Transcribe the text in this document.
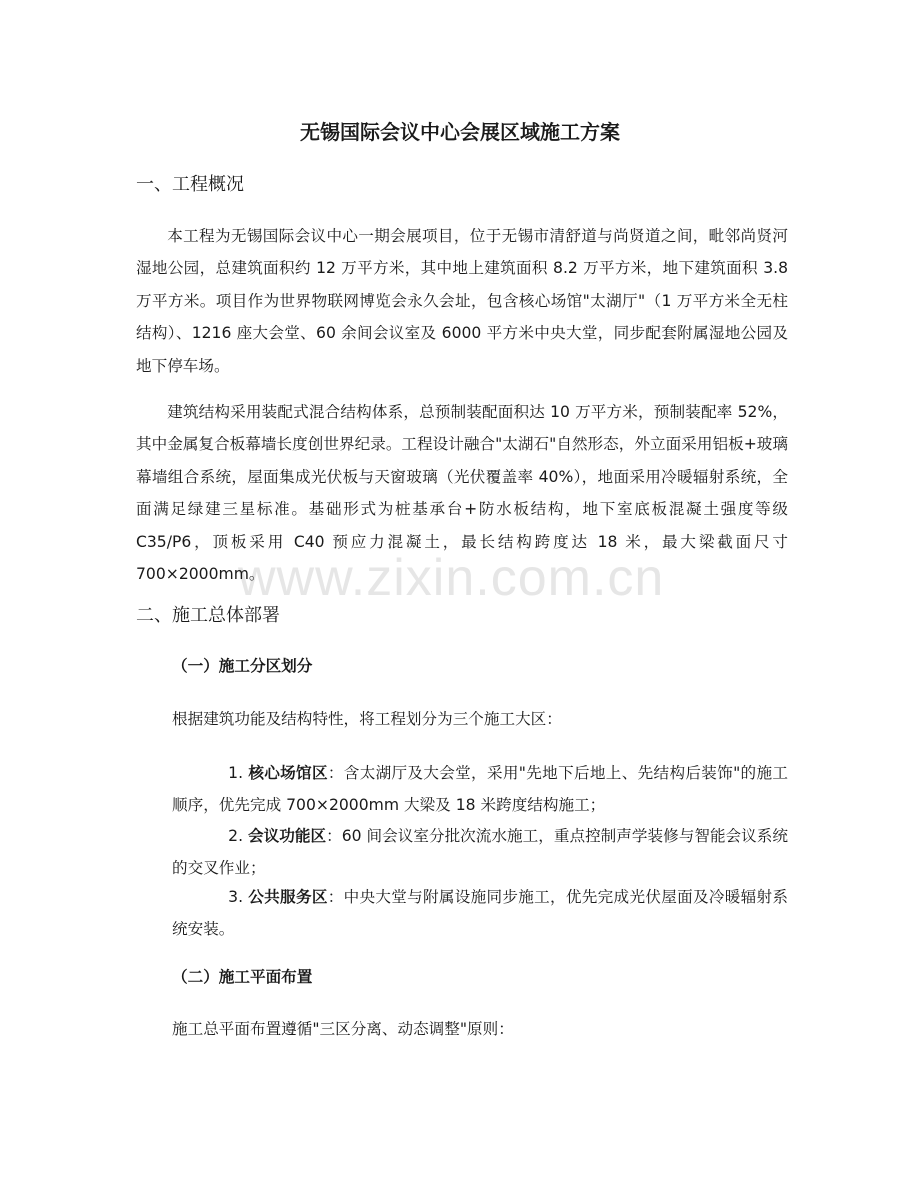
www.zixin.com.cn
无锡国际会议中心会展区域施工方案
一、工程概况

本工程为无锡国际会议中心一期会展项目，位于无锡市清舒道与尚贤道之间，毗邻尚贤河湿地公园，总建筑面积约 12 万平方米，其中地上建筑面积 8.2 万平方米，地下建筑面积 3.8 万平方米。项目作为世界物联网博览会永久会址，包含核心场馆"太湖厅"（1 万平方米全无柱结构）、1216 座大会堂、60 余间会议室及 6000 平方米中央大堂，同步配套附属湿地公园及地下停车场。

建筑结构采用装配式混合结构体系，总预制装配面积达 10 万平方米，预制装配率 52%，其中金属复合板幕墙长度创世界纪录。工程设计融合"太湖石"自然形态，外立面采用铝板+玻璃幕墙组合系统，屋面集成光伏板与天窗玻璃（光伏覆盖率 40%），地面采用冷暖辐射系统，全面满足绿建三星标准。基础形式为桩基承台+防水板结构，地下室底板混凝土强度等级 C35/P6，顶板采用 C40 预应力混凝土，最长结构跨度达 18 米，最大梁截面尺寸 700×2000mm。

二、施工总体部署
（一）施工分区划分

根据建筑功能及结构特性，将工程划分为三个施工大区：

1. 核心场馆区：含太湖厅及大会堂，采用"先地下后地上、先结构后装饰"的施工顺序，优先完成 700×2000mm 大梁及 18 米跨度结构施工；

2. 会议功能区：60 间会议室分批次流水施工，重点控制声学装修与智能会议系统的交叉作业；

3. 公共服务区：中央大堂与附属设施同步施工，优先完成光伏屋面及冷暖辐射系统安装。

（二）施工平面布置

施工总平面布置遵循"三区分离、动态调整"原则：
